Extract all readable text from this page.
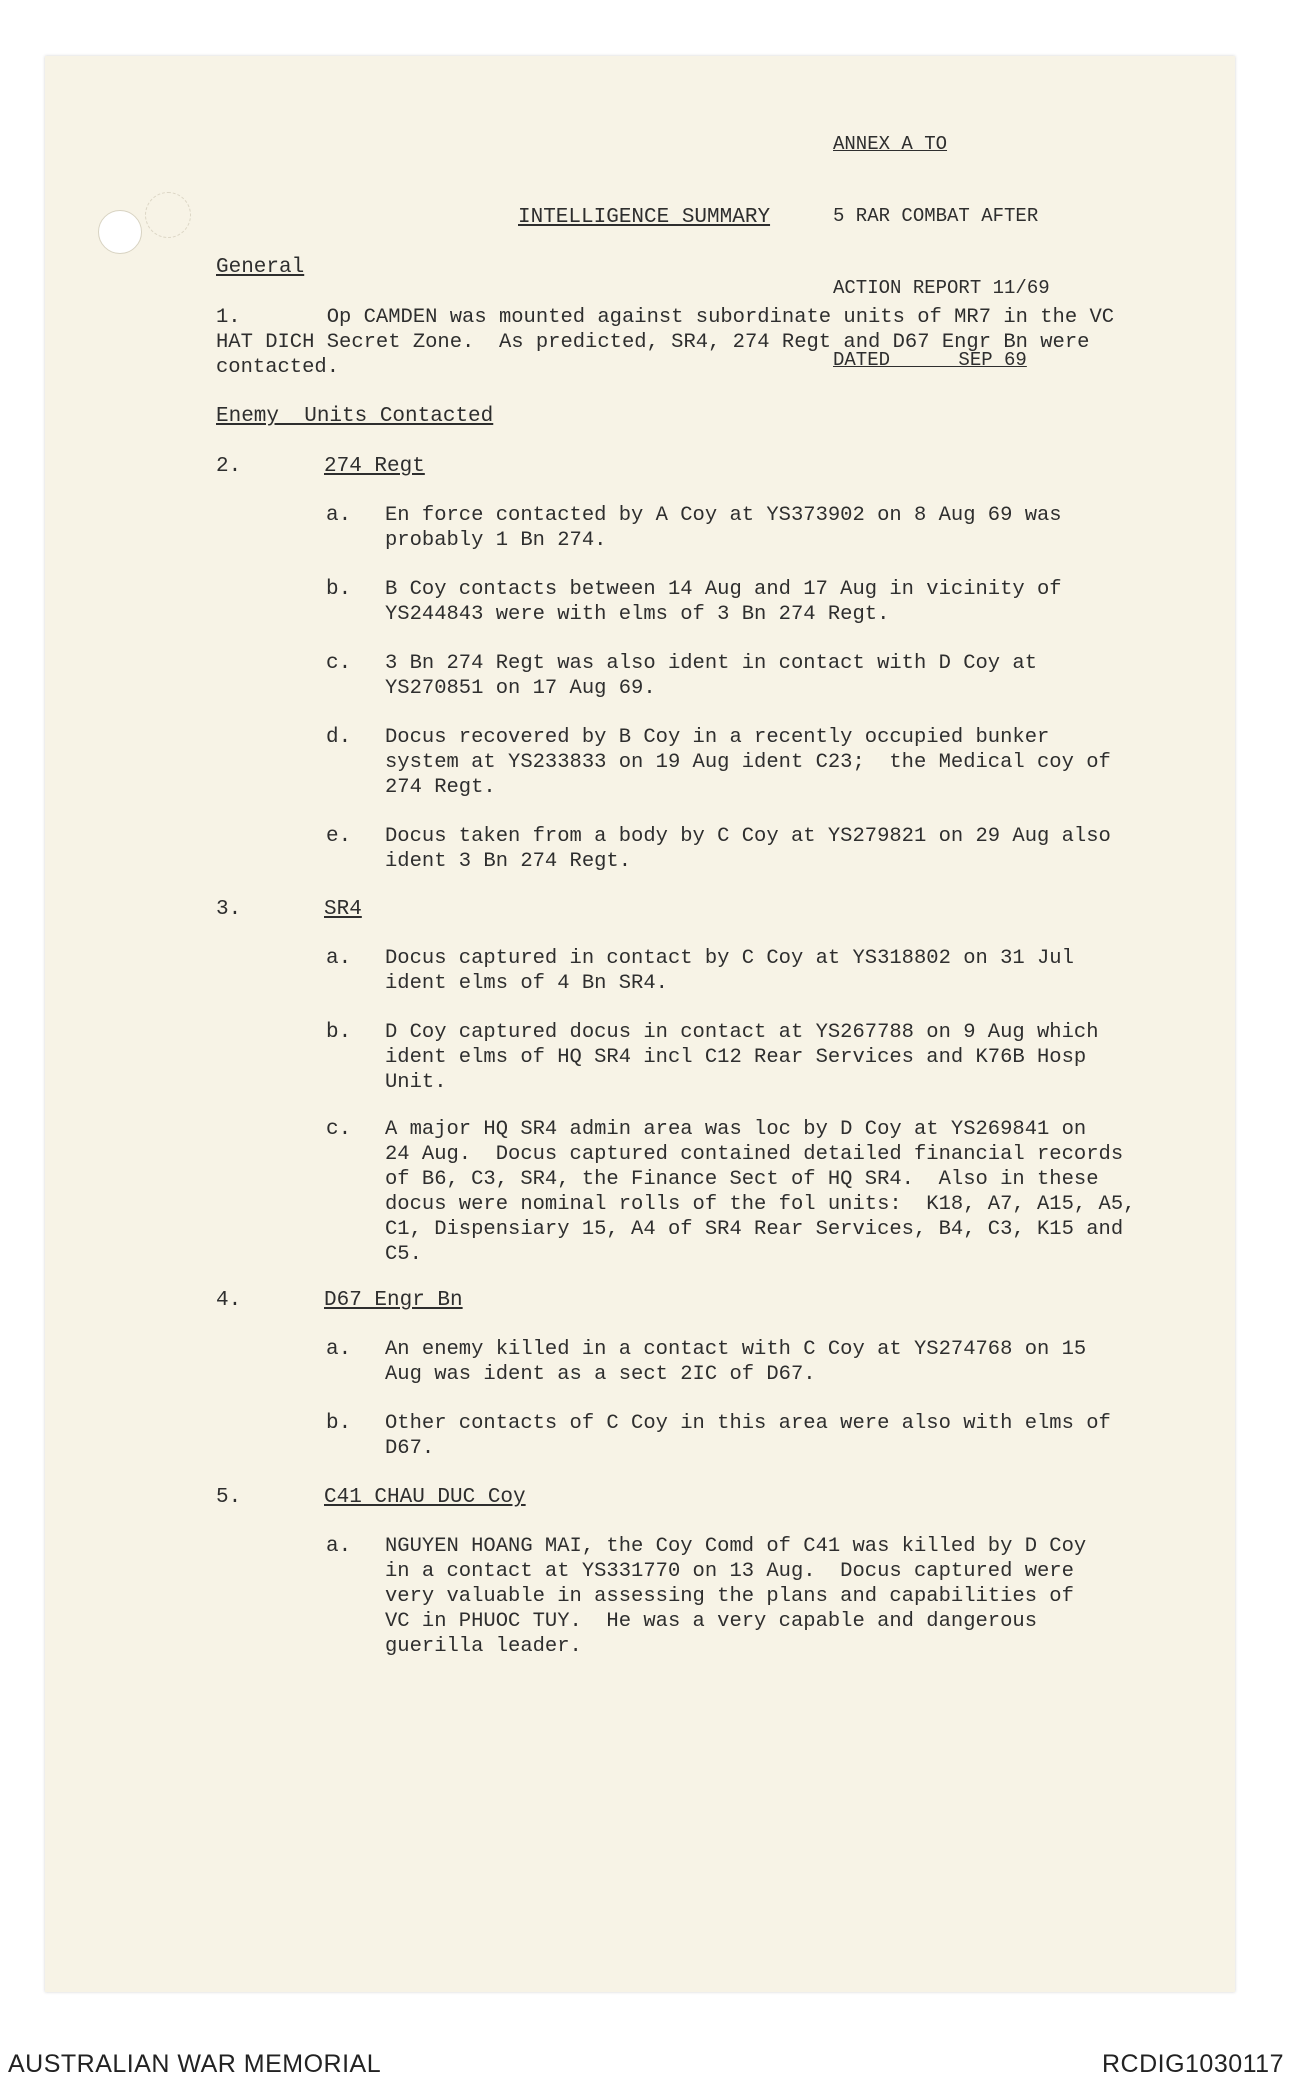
ANNEX A TO

5 RAR COMBAT AFTER

ACTION REPORT 11/69

DATED      SEP 69

INTELLIGENCE SUMMARY
General
1.       Op CAMDEN was mounted against subordinate units of MR7 in the VC
HAT DICH Secret Zone.  As predicted, SR4, 274 Regt and D67 Engr Bn were
contacted.
Enemy  Units Contacted
2.	274 Regt
a. En force contacted by A Coy at YS373902 on 8 Aug 69 was
probably 1 Bn 274.
b. B Coy contacts between 14 Aug and 17 Aug in vicinity of
YS244843 were with elms of 3 Bn 274 Regt.
c. 3 Bn 274 Regt was also ident in contact with D Coy at
YS270851 on 17 Aug 69.
d. Docus recovered by B Coy in a recently occupied bunker
system at YS233833 on 19 Aug ident C23;  the Medical coy of
274 Regt.
e. Docus taken from a body by C Coy at YS279821 on 29 Aug also
ident 3 Bn 274 Regt.
3.	SR4
a. Docus captured in contact by C Coy at YS318802 on 31 Jul
ident elms of 4 Bn SR4.
b. D Coy captured docus in contact at YS267788 on 9 Aug which
ident elms of HQ SR4 incl C12 Rear Services and K76B Hosp
Unit.
c. A major HQ SR4 admin area was loc by D Coy at YS269841 on
24 Aug.  Docus captured contained detailed financial records
of B6, C3, SR4, the Finance Sect of HQ SR4.  Also in these
docus were nominal rolls of the fol units:  K18, A7, A15, A5,
C1, Dispensiary 15, A4 of SR4 Rear Services, B4, C3, K15 and
C5.
4.	D67 Engr Bn
a. An enemy killed in a contact with C Coy at YS274768 on 15
Aug was ident as a sect 2IC of D67.
b. Other contacts of C Coy in this area were also with elms of
D67.
5.	C41 CHAU DUC Coy
a. NGUYEN HOANG MAI, the Coy Comd of C41 was killed by D Coy
in a contact at YS331770 on 13 Aug.  Docus captured were
very valuable in assessing the plans and capabilities of
VC in PHUOC TUY.  He was a very capable and dangerous
guerilla leader.
AUSTRALIAN WAR MEMORIAL	RCDIG1030117
